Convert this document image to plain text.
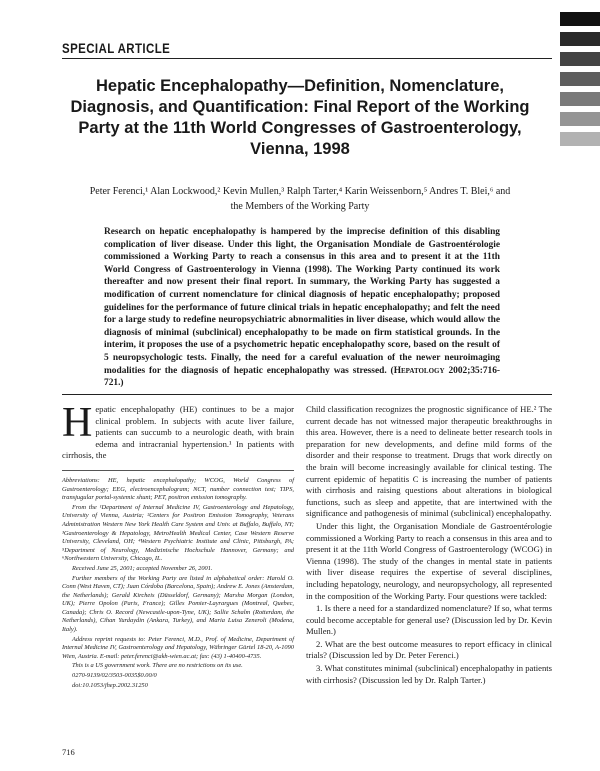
SPECIAL ARTICLE
Hepatic Encephalopathy—Definition, Nomenclature, Diagnosis, and Quantification: Final Report of the Working Party at the 11th World Congresses of Gastroenterology, Vienna, 1998
Peter Ferenci,¹ Alan Lockwood,² Kevin Mullen,³ Ralph Tarter,⁴ Karin Weissenborn,⁵ Andres T. Blei,⁶ and
the Members of the Working Party
Research on hepatic encephalopathy is hampered by the imprecise definition of this disabling complication of liver disease. Under this light, the Organisation Mondiale de Gastroentérologie commissioned a Working Party to reach a consensus in this area and to present it at the 11th World Congress of Gastroenterology in Vienna (1998). The Working Party continued its work thereafter and now present their final report. In summary, the Working Party has suggested a modification of current nomenclature for clinical diagnosis of hepatic encephalopathy; proposed guidelines for the performance of future clinical trials in hepatic encephalopathy; and felt the need for a large study to redefine neuropsychiatric abnormalities in liver disease, which would allow the diagnosis of minimal (subclinical) encephalopathy to be made on firm statistical grounds. In the interim, it proposes the use of a psychometric hepatic encephalopathy score, based on the result of 5 neuropsychologic tests. Finally, the need for a careful evaluation of the newer neuroimaging modalities for the diagnosis of hepatic encephalopathy was stressed. (Hepatology 2002;35:716-721.)

Hepatic encephalopathy (HE) continues to be a major clinical problem. In subjects with acute liver failure, patients can succumb to a neurologic death, with brain edema and intracranial hypertension.¹ In patients with cirrhosis, the

Abbreviations: HE, hepatic encephalopathy; WCOG, World Congress of Gastroenterology; EEG, electroencephalogram; NCT, number connection test; TIPS, transjugular portal-systemic shunt; PET, positron emission tomography.

From the ¹Department of Internal Medicine IV, Gastroenterology and Hepatology, University of Vienna, Austria; ²Centers for Positron Emission Tomography, Veterans Administration Western New York Health Care System and Univ. at Buffalo, Buffalo, NY; ³Gastroenterology & Hepatology, MetroHealth Medical Center, Case Western Reserve University, Cleveland, OH; ⁴Western Psychiatric Institute and Clinic, Pittsburgh, PA; ⁵Department of Neurology, Medizinische Hochschule Hannover, Germany; and ⁶Northwestern University, Chicago, IL.

Received June 25, 2001; accepted November 26, 2001.

Further members of the Working Party are listed in alphabetical order: Harold O. Conn (West Haven, CT); Juan Córdoba (Barcelona, Spain); Andrew E. Jones (Amsterdam, the Netherlands); Gerald Kircheis (Düsseldorf, Germany); Marsha Morgan (London, UK); Pierre Opolon (Paris, France); Gilles Pomier-Layrargues (Montreal, Quebec, Canada); Chris O. Record (Newcastle-upon-Tyne, UK); Sallie Schalm (Rotterdam, the Netherlands), Cihan Yurdaydin (Ankara, Turkey), and Maria Luisa Zeneroli (Modena, Italy).

Address reprint requests to: Peter Ferenci, M.D., Prof. of Medicine, Department of Internal Medicine IV, Gastroenterology and Hepatology, Währinger Gürtel 18-20, A-1090 Wien, Austria. E-mail: peter.ferenci@akh-wien.ac.at; fax: (43) 1-40400-4735.

This is a US government work. There are no restrictions on its use.

0270-9139/02/3503-0035$0.00/0

doi:10.1053/jhep.2002.31250

Child classification recognizes the prognostic significance of HE.² The current decade has not witnessed major therapeutic breakthroughs in this area. However, there is a need to delineate better research tools in preparation for new developments, and define mild forms of the disorder and their response to treatment. Drugs that work directly on the brain will become increasingly available for clinical testing. The current epidemic of hepatitis C is increasing the number of patients with cirrhosis and raising questions about alterations in biological functions, such as sleep and appetite, that are intertwined with the significance and pathogenesis of minimal (subclinical) encephalopathy.

Under this light, the Organisation Mondiale de Gastroentérologie commissioned a Working Party to reach a consensus in this area and to present it at the 11th World Congress of Gastroenterology (WCOG) in Vienna (1998). The study of the changes in mental state in patients with liver disease requires the expertise of several disciplines, including hepatology, neurology, and neuropsychology, all represented in the composition of the Working Party. Four questions were tackled:

1. Is there a need for a standardized nomenclature? If so, what terms could become acceptable for general use? (Discussion led by Dr. Kevin Mullen.)

2. What are the best outcome measures to report efficacy in clinical trials? (Discussion led by Dr. Peter Ferenci.)

3. What constitutes minimal (subclinical) encephalopathy in patients with cirrhosis? (Discussion led by Dr. Ralph Tarter.)

716
